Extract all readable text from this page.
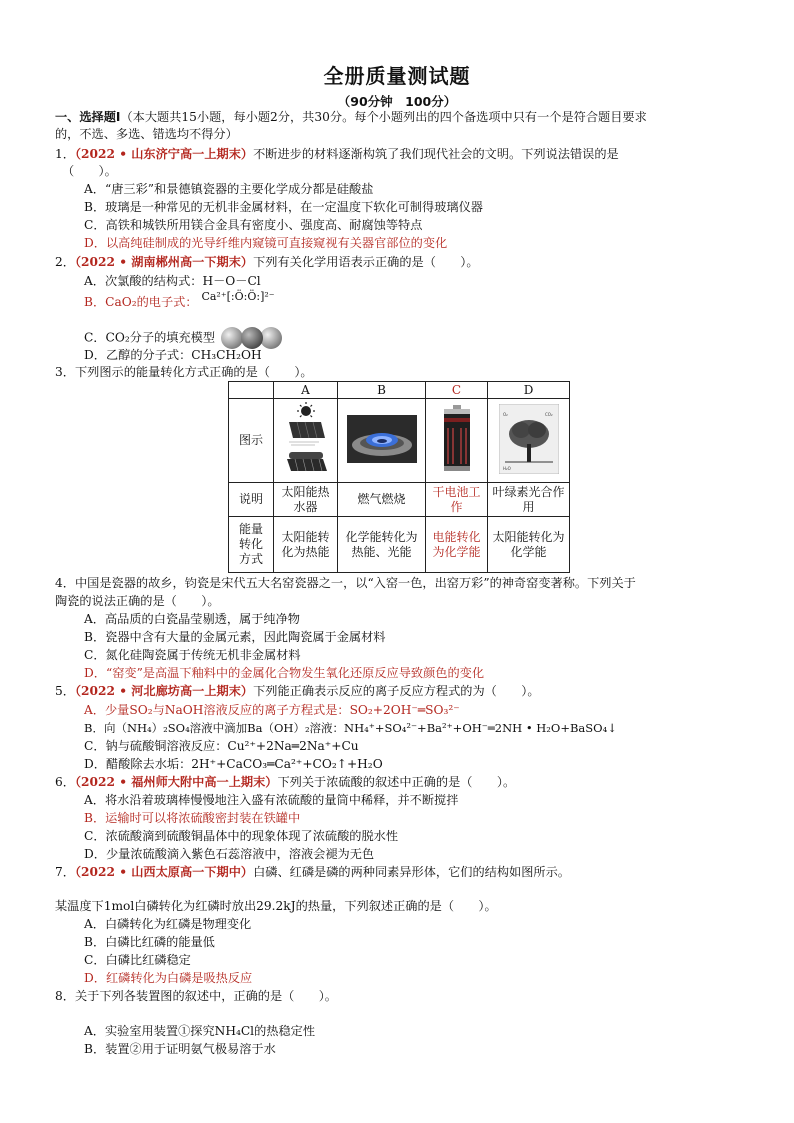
全册质量测试题
（90分钟　100分）
一、选择题Ⅰ（本大题共15小题，每小题2分，共30分。每个小题列出的四个备选项中只有一个是符合题目要求
的，不选、多选、错选均不得分）
1．（2022 • 山东济宁高一上期末）不断进步的材料逐渐构筑了我们现代社会的文明。下列说法错误的是
（　　）。
A．“唐三彩”和景德镇瓷器的主要化学成分都是硅酸盐
B．玻璃是一种常见的无机非金属材料，在一定温度下软化可制得玻璃仪器
C．高铁和城铁所用镁合金具有密度小、强度高、耐腐蚀等特点
D．以高纯硅制成的光导纤维内窥镜可直接窥视有关器官部位的变化
2．（2022 • 湖南郴州高一下期末）下列有关化学用语表示正确的是（　　）。
A．次氯酸的结构式：H－O－Cl
B．CaO₂的电子式： Ca²⁺[:Ö:Ö:]²⁻
C．CO₂分子的填充模型
D．乙醇的分子式：CH₃CH₂OH
3．下列图示的能量转化方式正确的是（　　）。
	A	B	C	D
图示				O₂ CO₂
H₂O

说明	太阳能热水器	燃气燃烧	干电池工作	叶绿素光合作用
能量转化方式	太阳能转化为热能	化学能转化为热能、光能	电能转化为化学能	太阳能转化为化学能
4．中国是瓷器的故乡，钧瓷是宋代五大名窑瓷器之一，以“入窑一色，出窑万彩”的神奇窑变著称。下列关于
陶瓷的说法正确的是（　　）。
A．高品质的白瓷晶莹剔透，属于纯净物
B．瓷器中含有大量的金属元素，因此陶瓷属于金属材料
C．氮化硅陶瓷属于传统无机非金属材料
D．“窑变”是高温下釉料中的金属化合物发生氧化还原反应导致颜色的变化
5．（2022 • 河北廊坊高一上期末）下列能正确表示反应的离子反应方程式的为（　　）。
A．少量SO₂与NaOH溶液反应的离子方程式是：SO₂+2OH⁻═SO₃²⁻
B．向（NH₄）₂SO₄溶液中滴加Ba（OH）₂溶液：NH₄⁺+SO₄²⁻+Ba²⁺+OH⁻═2NH • H₂O+BaSO₄↓
C．钠与硫酸铜溶液反应：Cu²⁺+2Na═2Na⁺+Cu
D．醋酸除去水垢：2H⁺+CaCO₃═Ca²⁺+CO₂↑+H₂O
6．（2022 • 福州师大附中高一上期末）下列关于浓硫酸的叙述中正确的是（　　）。
A．将水沿着玻璃棒慢慢地注入盛有浓硫酸的量筒中稀释，并不断搅拌
B．运输时可以将浓硫酸密封装在铁罐中
C．浓硫酸滴到硫酸铜晶体中的现象体现了浓硫酸的脱水性
D．少量浓硫酸滴入紫色石蕊溶液中，溶液会褪为无色
7．（2022 • 山西太原高一下期中）白磷、红磷是磷的两种同素异形体，它们的结构如图所示。
某温度下1mol白磷转化为红磷时放出29.2kJ的热量，下列叙述正确的是（　　）。
A．白磷转化为红磷是物理变化
B．白磷比红磷的能量低
C．白磷比红磷稳定
D．红磷转化为白磷是吸热反应
8．关于下列各装置图的叙述中，正确的是（　　）。
A．实验室用装置①探究NH₄Cl的热稳定性
B．装置②用于证明氨气极易溶于水
